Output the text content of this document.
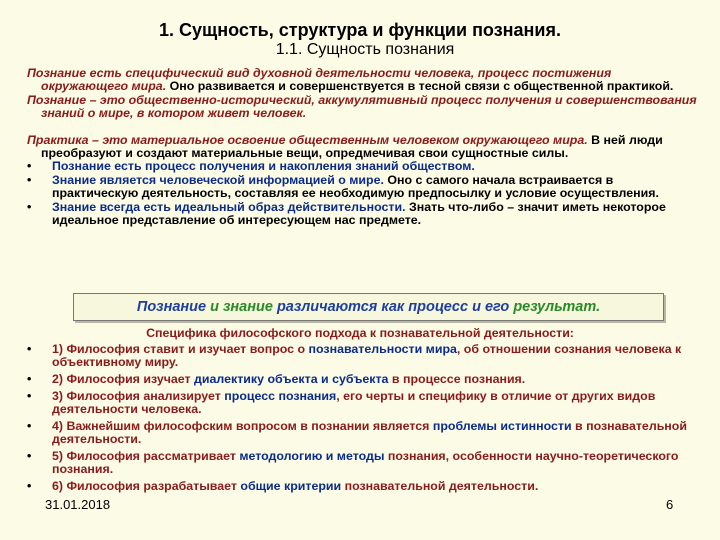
1. Сущность, структура и функции познания.
1.1. Сущность познания

Познание есть специфический вид духовной деятельности человека, процесс постижения окружающего мира. Оно развивается и совершенствуется в тесной связи с общественной практикой.

Познание – это общественно-исторический, аккумулятивный процесс получения и совершенствования знаний о мире, в котором живет человек.

Практика – это материальное освоение общественным человеком окружающего мира. В ней люди преобразуют и создают материальные вещи, опредмечивая свои сущностные силы.

•	Познание есть процесс получения и накопления знаний обществом.
•	Знание является человеческой информацией о мире. Оно с самого начала встраивается в практическую деятельность, составляя ее необходимую предпосылку и условие осуществления.
•	Знание всегда есть идеальный образ действительности. Знать что-либо – значит иметь некоторое идеальное представление об интересующем нас предмете.
Познание
и
знание
различаются как процесс и его
результат.
Специфика философского подхода к познавательной деятельности:
•	1) Философия ставит и изучает вопрос о познавательности мира, об отношении сознания человека к объективному миру.
•	2) Философия изучает диалектику объекта и субъекта в процессе познания.
•	3) Философия анализирует процесс познания, его черты и специфику в отличие от других видов деятельности человека.
•	4) Важнейшим философским вопросом в познании является проблемы истинности в познавательной деятельности.
•	5) Философия рассматривает методологию и методы познания, особенности научно-теоретического познания.
•	6) Философия разрабатывает общие критерии познавательной деятельности.
31.01.2018	6
